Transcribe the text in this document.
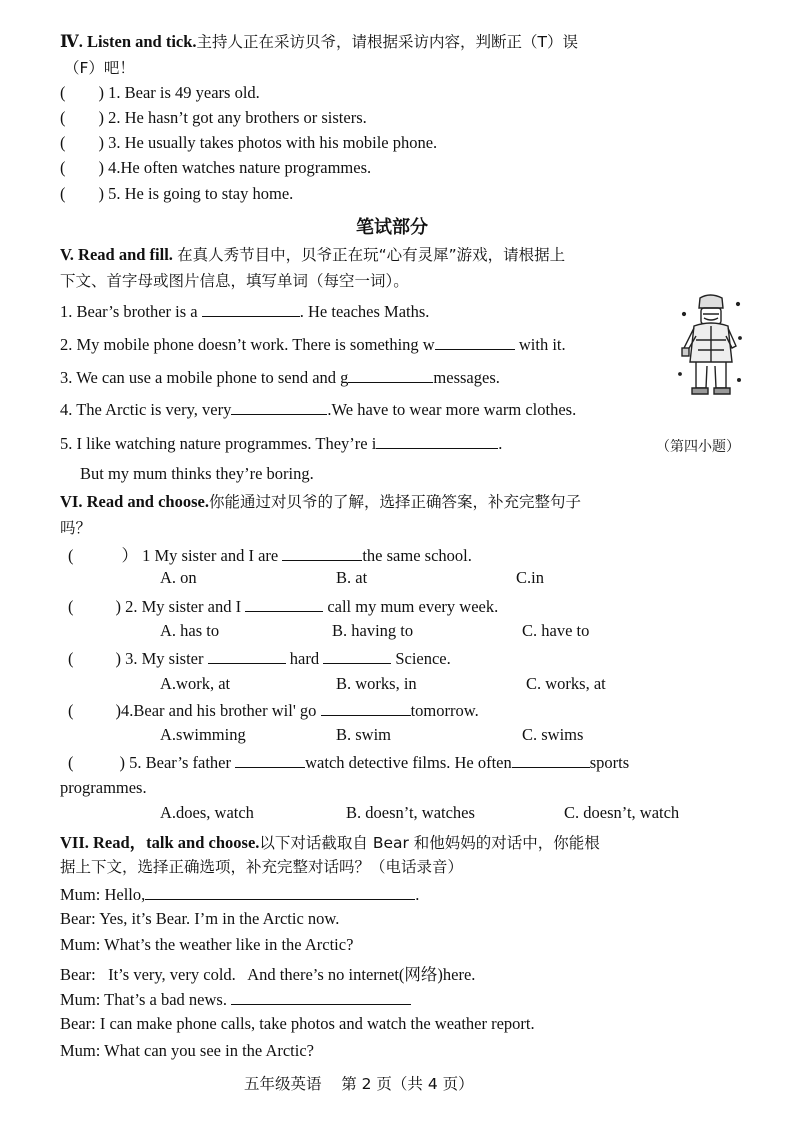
Ⅳ. Listen and tick.主持人正在采访贝爷，请根据采访内容，判断正（T）误
（F）吧！
(        ) 1. Bear is 49 years old.
(        ) 2. He hasn’t got any brothers or sisters.
(        ) 3. He usually takes photos with his mobile phone.
(        ) 4.He often watches nature programmes.
(        ) 5. He is going to stay home.
笔试部分
V. Read and fill. 在真人秀节目中，贝爷正在玩“心有灵犀”游戏，请根据上
下文、首字母或图片信息，填写单词（每空一词）。
1. Bear’s brother is a	. He teaches Maths.
2. My mobile phone doesn’t work. There is something w	with it.
3. We can use a mobile phone to send and g	messages.
4. The Arctic is very, very	.We have to wear more warm clothes.
5. I like watching nature programmes. They’re i	.	（第四小题）
But my mum thinks they’re boring.
VI. Read and choose.你能通过对贝爷的了解，选择正确答案，补充完整句子
吗？
(	） 1 My sister and I are	the same school.
A. on	B. at	C.in
(	) 2. My sister and I	call my mum every week.
A. has to	B. having to	C. have to
(	) 3. My sister	hard	Science.
A.work, at	B. works, in	C. works, at
(	)4.Bear and his brother wil' go	tomorrow.
A.swimming	B. swim	C. swims
(	) 5. Bear’s father	watch detective films. He often	sports
programmes.
A.does, watch	B. doesn’t, watches	C. doesn’t, watch
VII. Read，talk and choose.以下对话截取自 Bear 和他妈妈的对话中，你能根
据上下文，选择正确选项，补充完整对话吗？（电话录音）
Mum: Hello,	.
Bear: Yes, it’s Bear. I’m in the Arctic now.
Mum: What’s the weather like in the Arctic?
Bear:   It’s very, very cold.   And there’s no internet(网络)here.
Mum: That’s a bad news.
Bear: I can make phone calls, take photos and watch the weather report.
Mum: What can you see in the Arctic?
五年级英语    第 2 页（共 4 页）
